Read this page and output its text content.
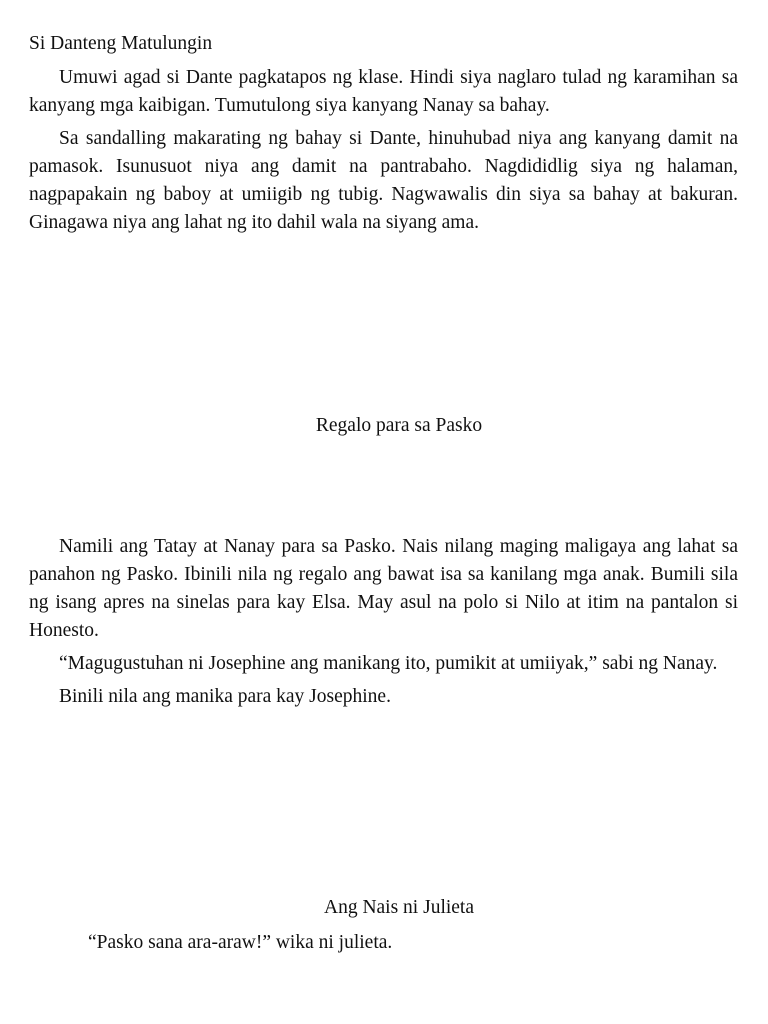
Si Danteng Matulungin

Umuwi agad si Dante pagkatapos ng klase. Hindi siya naglaro tulad ng karamihan sa kanyang mga kaibigan. Tumutulong siya kanyang Nanay sa bahay.

Sa sandalling makarating ng bahay si Dante, hinuhubad niya ang kanyang damit na pamasok. Isunusuot niya ang damit na pantrabaho. Nagdididlig siya ng halaman, nagpapakain ng baboy at umiigib ng tubig. Nagwawalis din siya sa bahay at bakuran. Ginagawa niya ang lahat ng ito dahil wala na siyang ama.

Regalo para sa Pasko

Namili ang Tatay at Nanay para sa Pasko. Nais nilang maging maligaya ang lahat sa panahon ng Pasko. Ibinili nila ng regalo ang bawat isa sa kanilang mga anak. Bumili sila ng isang apres na sinelas para kay Elsa. May asul na polo si Nilo at itim na pantalon si Honesto.

“Magugustuhan ni Josephine ang manikang ito, pumikit at umiiyak,” sabi ng Nanay.

Binili nila ang manika para kay Josephine.

Ang Nais ni Julieta

“Pasko sana ara-araw!” wika ni julieta.
